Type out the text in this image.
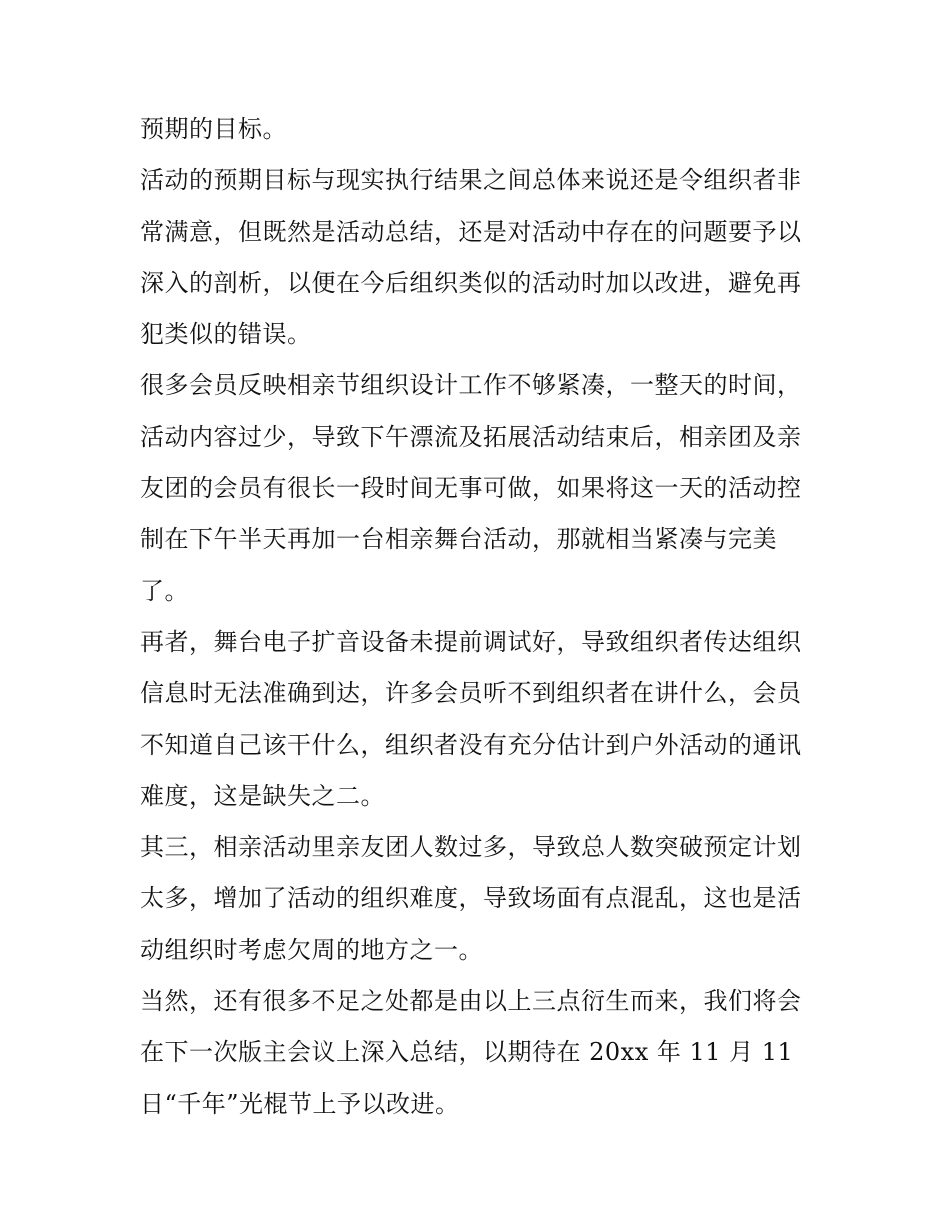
预期的目标。
活动的预期目标与现实执行结果之间总体来说还是令组织者非
常满意，但既然是活动总结，还是对活动中存在的问题要予以
深入的剖析，以便在今后组织类似的活动时加以改进，避免再
犯类似的错误。
很多会员反映相亲节组织设计工作不够紧凑，一整天的时间，
活动内容过少，导致下午漂流及拓展活动结束后，相亲团及亲
友团的会员有很长一段时间无事可做，如果将这一天的活动控
制在下午半天再加一台相亲舞台活动，那就相当紧凑与完美
了。
再者，舞台电子扩音设备未提前调试好，导致组织者传达组织
信息时无法准确到达，许多会员听不到组织者在讲什么，会员
不知道自己该干什么，组织者没有充分估计到户外活动的通讯
难度，这是缺失之二。
其三，相亲活动里亲友团人数过多，导致总人数突破预定计划
太多，增加了活动的组织难度，导致场面有点混乱，这也是活
动组织时考虑欠周的地方之一。
当然，还有很多不足之处都是由以上三点衍生而来，我们将会
在下一次版主会议上深入总结，以期待在 20xx 年 11 月 11
日“千年”光棍节上予以改进。
